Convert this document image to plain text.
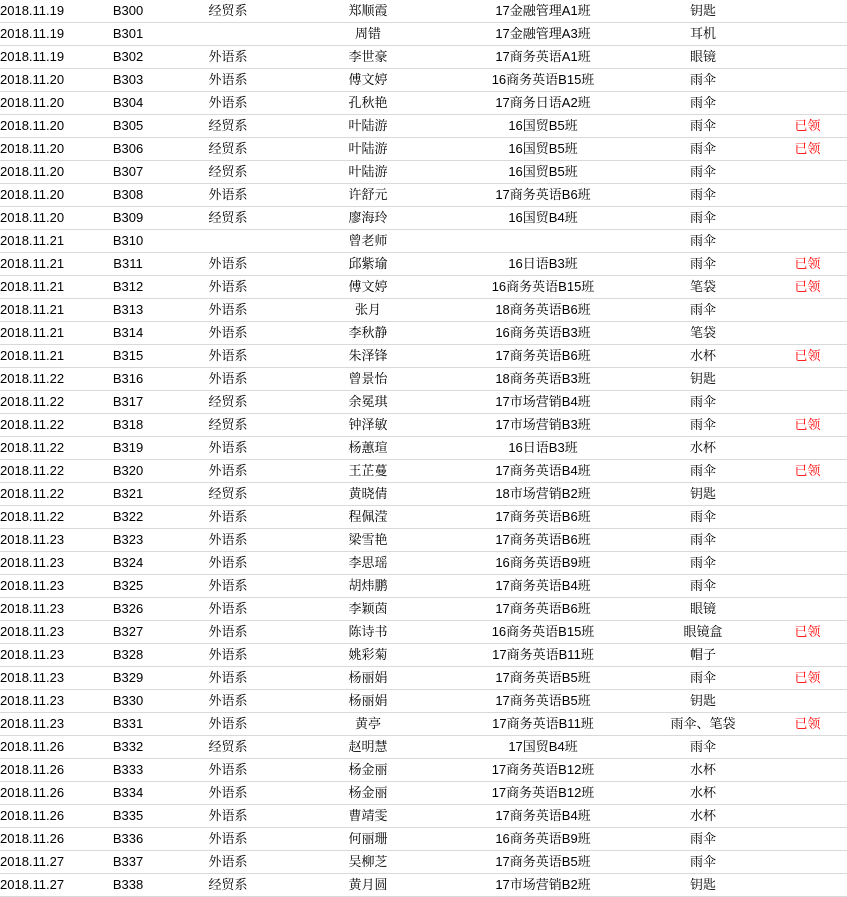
2018.11.19	B300	经贸系	郑顺霞	17金融管理A1班	钥匙	
2018.11.19	B301		周错	17金融管理A3班	耳机	
2018.11.19	B302	外语系	李世豪	17商务英语A1班	眼镜	
2018.11.20	B303	外语系	傅文婷	16商务英语B15班	雨伞	
2018.11.20	B304	外语系	孔秋艳	17商务日语A2班	雨伞	
2018.11.20	B305	经贸系	叶陆游	16国贸B5班	雨伞	已领
2018.11.20	B306	经贸系	叶陆游	16国贸B5班	雨伞	已领
2018.11.20	B307	经贸系	叶陆游	16国贸B5班	雨伞	
2018.11.20	B308	外语系	许舒元	17商务英语B6班	雨伞	
2018.11.20	B309	经贸系	廖海玲	16国贸B4班	雨伞	
2018.11.21	B310		曾老师		雨伞	
2018.11.21	B311	外语系	邱紫瑜	16日语B3班	雨伞	已领
2018.11.21	B312	外语系	傅文婷	16商务英语B15班	笔袋	已领
2018.11.21	B313	外语系	张月	18商务英语B6班	雨伞	
2018.11.21	B314	外语系	李秋静	16商务英语B3班	笔袋	
2018.11.21	B315	外语系	朱泽锋	17商务英语B6班	水杯	已领
2018.11.22	B316	外语系	曾景怡	18商务英语B3班	钥匙	
2018.11.22	B317	经贸系	余冕琪	17市场营销B4班	雨伞	
2018.11.22	B318	经贸系	钟泽敏	17市场营销B3班	雨伞	已领
2018.11.22	B319	外语系	杨蕙瑄	16日语B3班	水杯	
2018.11.22	B320	外语系	王芷蔓	17商务英语B4班	雨伞	已领
2018.11.22	B321	经贸系	黄晓倩	18市场营销B2班	钥匙	
2018.11.22	B322	外语系	程佩滢	17商务英语B6班	雨伞	
2018.11.23	B323	外语系	梁雪艳	17商务英语B6班	雨伞	
2018.11.23	B324	外语系	李思瑶	16商务英语B9班	雨伞	
2018.11.23	B325	外语系	胡炜鹏	17商务英语B4班	雨伞	
2018.11.23	B326	外语系	李颖茵	17商务英语B6班	眼镜	
2018.11.23	B327	外语系	陈诗书	16商务英语B15班	眼镜盒	已领
2018.11.23	B328	外语系	姚彩菊	17商务英语B11班	帽子	
2018.11.23	B329	外语系	杨丽娟	17商务英语B5班	雨伞	已领
2018.11.23	B330	外语系	杨丽娟	17商务英语B5班	钥匙	
2018.11.23	B331	外语系	黄亭	17商务英语B11班	雨伞、笔袋	已领
2018.11.26	B332	经贸系	赵明慧	17国贸B4班	雨伞	
2018.11.26	B333	外语系	杨金丽	17商务英语B12班	水杯	
2018.11.26	B334	外语系	杨金丽	17商务英语B12班	水杯	
2018.11.26	B335	外语系	曹靖雯	17商务英语B4班	水杯	
2018.11.26	B336	外语系	何丽珊	16商务英语B9班	雨伞	
2018.11.27	B337	外语系	吴柳芝	17商务英语B5班	雨伞	
2018.11.27	B338	经贸系	黄月圆	17市场营销B2班	钥匙	
